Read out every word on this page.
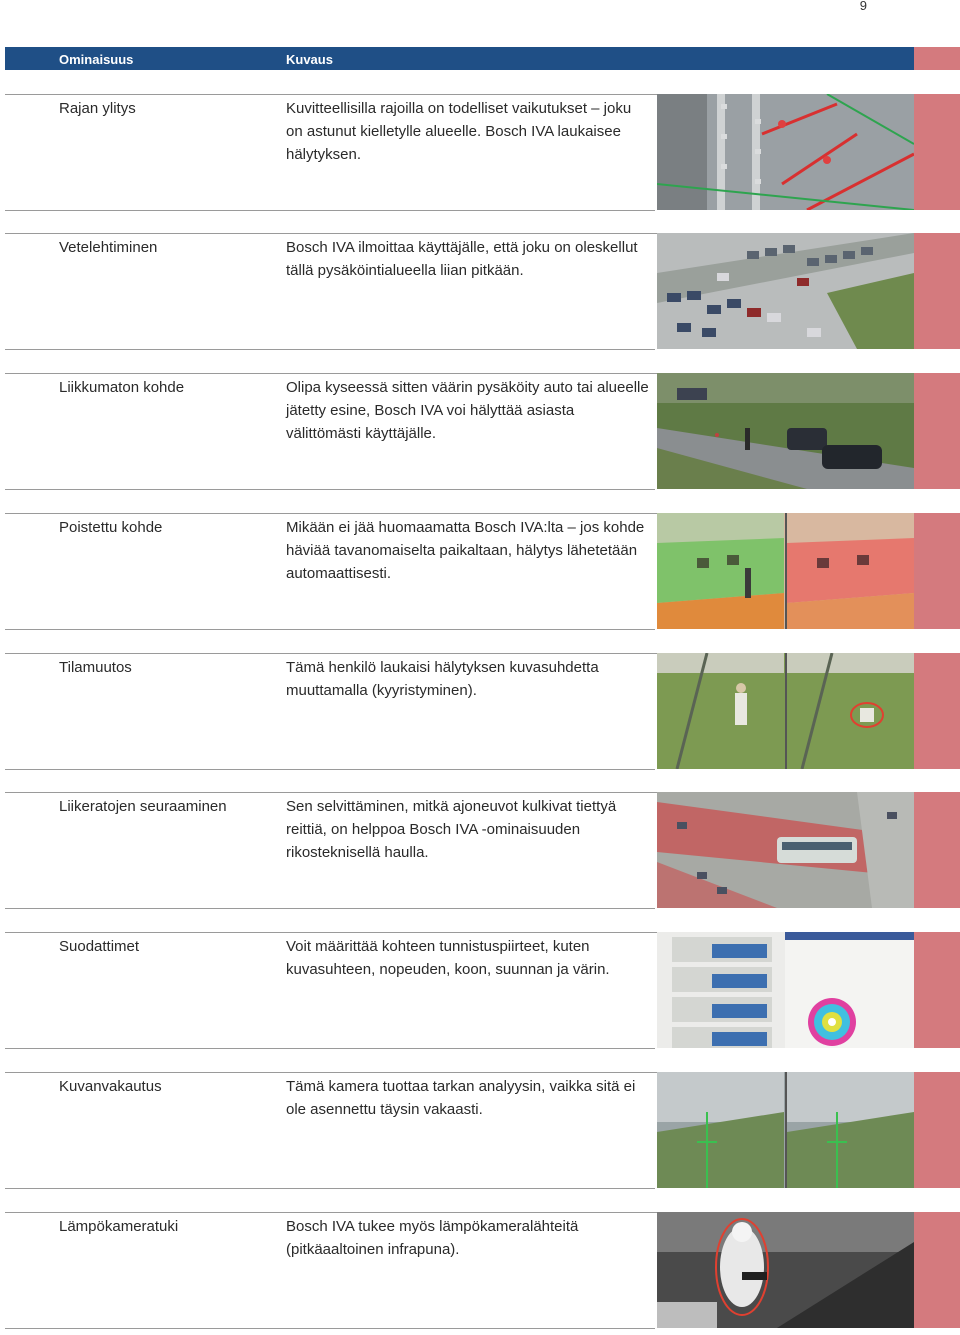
9
Ominaisuus	Kuvaus
Rajan ylitys	Kuvitteellisilla rajoilla on todelliset vaikutukset – joku on astunut kielletylle alueelle. Bosch IVA laukaisee hälytyksen.
Vetelehtiminen	Bosch IVA ilmoittaa käyttäjälle, että joku on oleskellut tällä pysäköintialueella liian pitkään.
Liikkumaton kohde	Olipa kyseessä sitten väärin pysäköity auto tai alueelle jätetty esine, Bosch IVA voi hälyttää asiasta välittömästi käyttäjälle.
Poistettu kohde	Mikään ei jää huomaamatta Bosch IVA:lta – jos kohde häviää tavanomaiselta paikaltaan, hälytys lähetetään automaattisesti.
Tilamuutos	Tämä henkilö laukaisi hälytyksen kuvasuhdetta muuttamalla (kyyristyminen).
Liikeratojen seuraaminen	Sen selvittäminen, mitkä ajoneuvot kulkivat tiettyä reittiä, on helppoa Bosch IVA -ominaisuuden rikosteknisellä haulla.
Suodattimet	Voit määrittää kohteen tunnistuspiirteet, kuten kuvasuhteen, nopeuden, koon, suunnan ja värin.
Kuvanvakautus	Tämä kamera tuottaa tarkan analyysin, vaikka sitä ei ole asennettu täysin vakaasti.
Lämpökameratuki	Bosch IVA tukee myös lämpökameralähteitä (pitkäaaltoinen infrapuna).
